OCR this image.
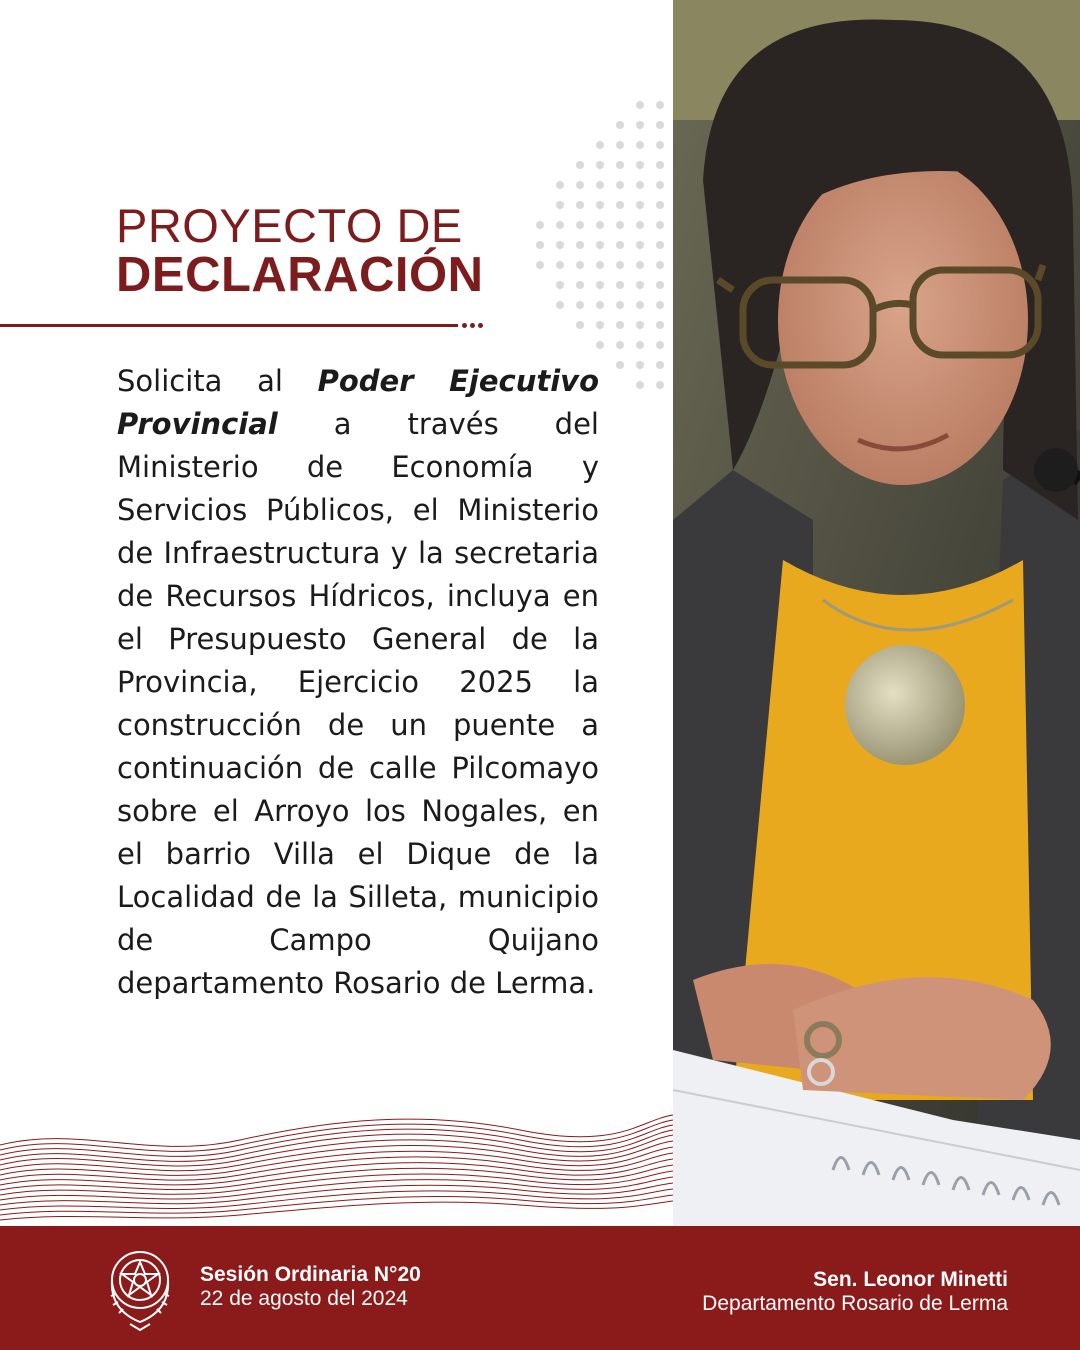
PROYECTO DE
DECLARACIÓN

Solicita al Poder Ejecutivo Provincial a través del Ministerio de Economía y Servicios Públicos, el Ministerio de Infraestructura y la secretaria de Recursos Hídricos, incluya en el Presupuesto General de la Provincia, Ejercicio 2025 la construcción de un puente a continuación de calle Pilcomayo sobre el Arroyo los Nogales, en el barrio Villa el Dique de la Localidad de la Silleta, municipio de Campo Quijano departamento Rosario de Lerma.

Sesión Ordinaria N°20
22 de agosto del 2024
Sen. Leonor Minetti
Departamento Rosario de Lerma
